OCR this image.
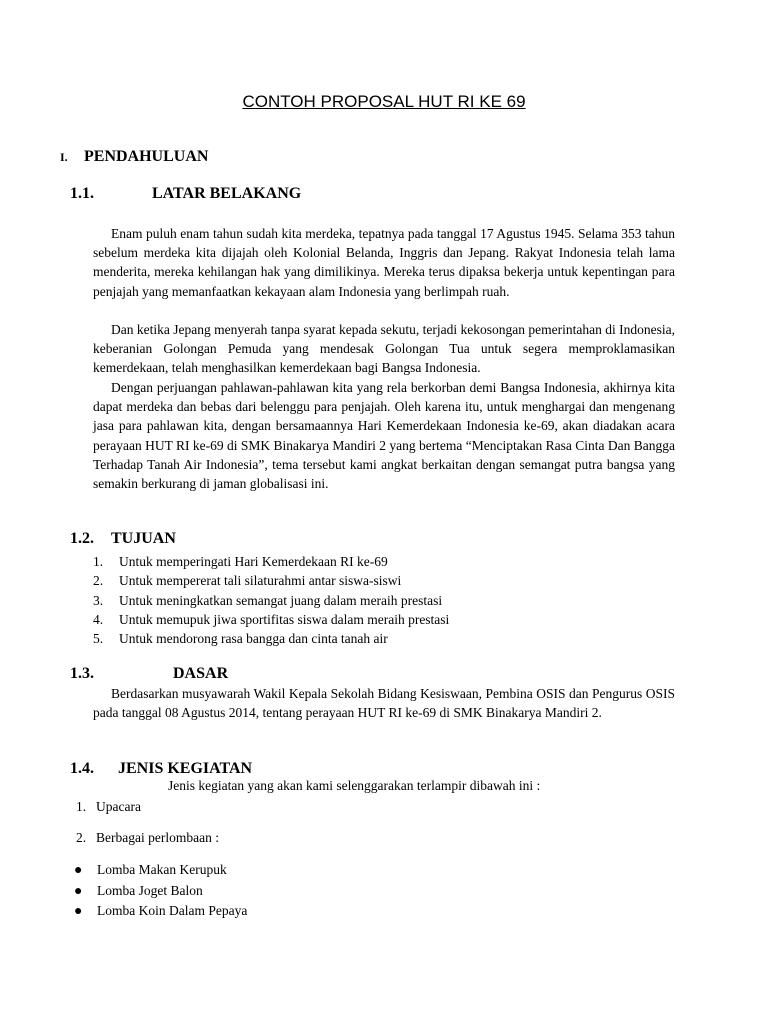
CONTOH PROPOSAL HUT RI KE 69
I. PENDAHULUAN
1.1.	LATAR BELAKANG

Enam puluh enam tahun sudah kita merdeka, tepatnya pada tanggal 17 Agustus 1945. Selama 353 tahun sebelum merdeka kita dijajah oleh Kolonial Belanda, Inggris dan Jepang. Rakyat Indonesia telah lama menderita, mereka kehilangan hak yang dimilikinya. Mereka terus dipaksa bekerja untuk kepentingan para penjajah yang memanfaatkan kekayaan alam Indonesia yang berlimpah ruah.

Dan ketika Jepang menyerah tanpa syarat kepada sekutu, terjadi kekosongan pemerintahan di Indonesia, keberanian Golongan Pemuda yang mendesak Golongan Tua untuk segera memproklamasikan kemerdekaan, telah menghasilkan kemerdekaan bagi Bangsa Indonesia.

Dengan perjuangan pahlawan-pahlawan kita yang rela berkorban demi Bangsa Indonesia, akhirnya kita dapat merdeka dan bebas dari belenggu para penjajah. Oleh karena itu, untuk menghargai dan mengenang jasa para pahlawan kita, dengan bersamaannya Hari Kemerdekaan Indonesia ke-69, akan diadakan acara perayaan HUT RI ke-69 di SMK Binakarya Mandiri 2 yang bertema “Menciptakan Rasa Cinta Dan Bangga Terhadap Tanah Air Indonesia”, tema tersebut kami angkat berkaitan dengan semangat putra bangsa yang semakin berkurang di jaman globalisasi ini.

1.2. TUJUAN
1. Untuk memperingati Hari Kemerdekaan RI ke-69
2. Untuk mempererat tali silaturahmi antar siswa-siswi
3. Untuk meningkatkan semangat juang dalam meraih prestasi
4. Untuk memupuk jiwa sportifitas siswa dalam meraih prestasi
5. Untuk mendorong rasa bangga dan cinta tanah air
1.3.	DASAR

Berdasarkan musyawarah Wakil Kepala Sekolah Bidang Kesiswaan, Pembina OSIS dan Pengurus OSIS pada tanggal 08 Agustus 2014, tentang perayaan HUT RI ke-69 di SMK Binakarya Mandiri 2.

1.4. JENIS KEGIATAN
Jenis kegiatan yang akan kami selenggarakan terlampir dibawah ini :
1. Upacara
2. Berbagai perlombaan :
● Lomba Makan Kerupuk
● Lomba Joget Balon
● Lomba Koin Dalam Pepaya
